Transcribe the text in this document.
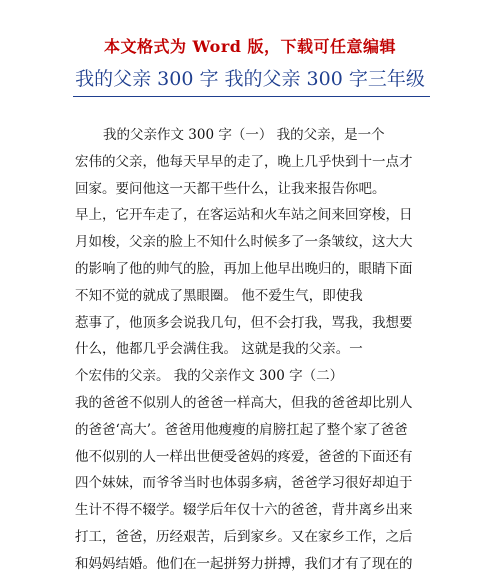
本文格式为 Word 版，下载可任意编辑
我的父亲 300 字 我的父亲 300 字三年级
我的父亲作文 300 字（一） 我的父亲，是一个
宏伟的父亲，他每天早早的走了，晚上几乎快到十一点才
回家。要问他这一天都干些什么，让我来报告你吧。
早上，它开车走了，在客运站和火车站之间来回穿梭，日
月如梭，父亲的脸上不知什么时候多了一条皱纹，这大大
的影响了他的帅气的脸，再加上他早出晚归的，眼睛下面
不知不觉的就成了黑眼圈。 他不爱生气，即使我
惹事了，他顶多会说我几句，但不会打我，骂我，我想要
什么，他都几乎会满住我。 这就是我的父亲。一
个宏伟的父亲。 我的父亲作文 300 字（二）
我的爸爸不似别人的爸爸一样高大，但我的爸爸却比别人
的爸爸‘高大’。爸爸用他瘦瘦的肩膀扛起了整个家了爸爸
他不似别的人一样出世便受爸妈的疼爱，爸爸的下面还有
四个妹妹，而爷爷当时也体弱多病，爸爸学习很好却迫于
生计不得不辍学。辍学后年仅十六的爸爸，背井离乡出来
打工，爸爸，历经艰苦，后到家乡。又在家乡工作，之后
和妈妈结婚。他们在一起拼努力拼搏，我们才有了现在的
